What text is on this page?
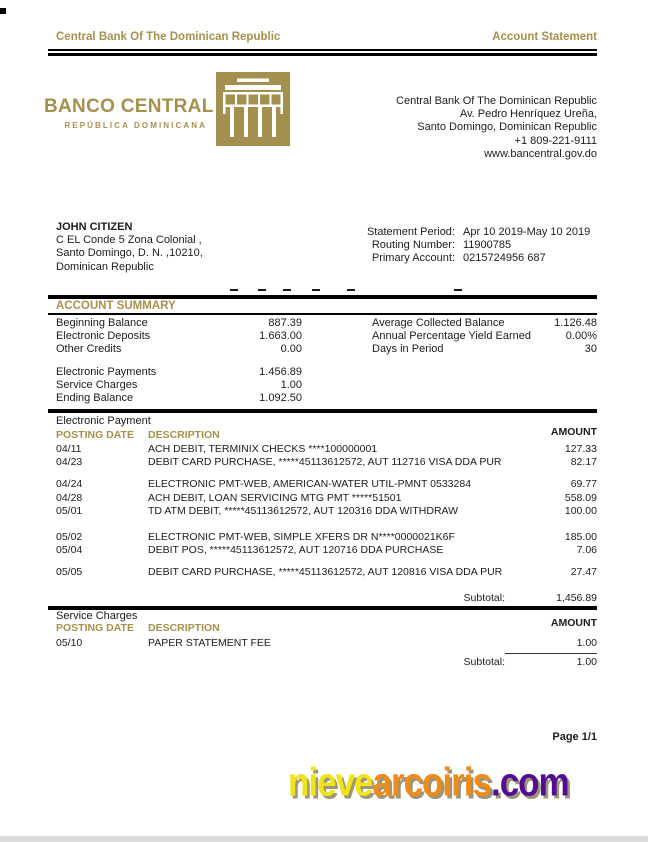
Central Bank Of The Dominican Republic	Account Statement
BANCO CENTRAL
REPÚBLICA DOMINICANA
Central Bank Of The Dominican Republic
Av. Pedro Henríquez Ureña,
Santo Domingo, Dominican Republic
+1 809-221-9111
www.bancentral.gov.do
JOHN CITIZEN
C EL Conde 5 Zona Colonial ,
Santo Domingo, D. N. ,10210,
Dominican Republic
Statement Period: Apr 10 2019-May 10 2019
Routing Number: 11900785
Primary Account: 0215724956 687
ACCOUNT SUMMARY
Beginning Balance	887.39
Electronic Deposits	1.663.00
Other Credits	0.00
Electronic Payments	1.456.89
Service Charges	1.00
Ending Balance	1.092.50
Average Collected Balance	1.126.48
Annual Percentage Yield Earned	0.00%
Days in Period	30
Electronic Payment
AMOUNT
POSTING DATE	DESCRIPTION
04/11	ACH DEBIT, TERMINIX CHECKS ****100000001	127.33
04/23	DEBIT CARD PURCHASE, *****45113612572, AUT 112716 VISA DDA PUR	82.17
04/24	ELECTRONIC PMT-WEB, AMERICAN-WATER UTIL-PMNT 0533284	69.77
04/28	ACH DEBIT, LOAN SERVICING MTG PMT *****51501	558.09
05/01	TD ATM DEBIT, *****45113612572, AUT 120316 DDA WITHDRAW	100.00
05/02	ELECTRONIC PMT-WEB, SIMPLE XFERS DR N****0000021K6F	185.00
05/04	DEBIT POS, *****45113612572, AUT 120716 DDA PURCHASE	7.06
05/05	DEBIT CARD PURCHASE, *****45113612572, AUT 120816 VISA DDA PUR	27.47
Subtotal:	1,456.89
Service Charges
AMOUNT
POSTING DATE	DESCRIPTION
05/10	PAPER STATEMENT FEE	1.00
Subtotal:	1.00
Page 1/1
nievearcoiris.com
